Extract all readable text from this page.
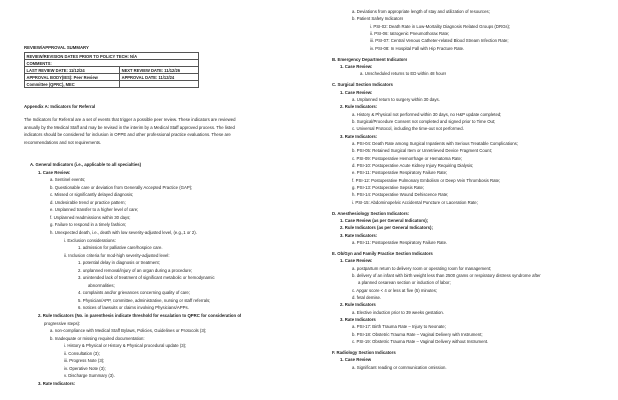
REVIEW/APPROVAL SUMMARY
REVIEW/REVISION DATES PRIOR TO POLICY TECH: N/A	
COMMENTS:	
LAST REVIEW DATE: 11/12/24	NEXT REVIEW DATE: 11/12/26
APPROVAL BODY(IES): Peer Review	APPROVAL DATE: 11/12/24
Committee (QPRC), MEC	
Appendix A: Indicators for Referral
The Indicators for Referral are a set of events that trigger a possible peer review. These indicators are reviewed
annually by the Medical Staff and may be revised in the interim by a Medical Staff approved process. The listed
indicators should be considered for inclusion in OPPE and other professional practice evaluations. These are
recommendations and not requirements.
A. General Indicators (i.e., applicable to all specialties)
1. Case Review:
a. Sentinel events;
b. Questionable care or deviation from Generally Accepted Practice (GAP);
c. Missed or significantly delayed diagnosis;
d. Undesirable trend or practice pattern;
e. Unplanned transfer to a higher level of care;
f. Unplanned readmissions within 30 days;
g. Failure to respond in a timely fashion;
h. Unexpected death, i.e., death with low severity-adjusted level, (e.g.,1 or 2).
i. Exclusion considerations:
1. admission for palliative care/hospice care.
ii. Inclusion criteria for mod-high severity-adjusted level:
1. potential delay in diagnosis or treatment;
2. unplanned removal/injury of an organ during a procedure;
3. unintended lack of treatment of significant metabolic or hemodynamic
abnormalities;
4. complaints and/or grievances concerning quality of care;
5. Physician/APP, committee, administrative, nursing or staff referrals;
6. notices of lawsuits or claims involving Physicians/APPs.
2. Rule Indicators (No. in parenthesis indicate threshold for escalation to QPRC for consideration of
progressive steps):
a. non-compliance with Medical Staff Bylaws, Policies, Guidelines or Protocols (3);
b. Inadequate or missing required documentation:
i. History & Physical or History & Physical procedural update (3);
ii. Consultation (3);
iii. Progress Note (3);
iv. Operative Note (3);
v. Discharge Summary (3).
3. Rate Indicators:
a. Deviations from appropriate length of stay and utilization of resources;
b. Patient Safety Indicators
i. PSI-02: Death Rate in Low-Mortality Diagnosis Related Groups (DRGs);
ii. PSI-06: Iatrogenic Pneumothorax Rate;
iii. PSI-07: Central Venous Catheter-related Blood Stream Infection Rate;
iv. PSI-08: In Hospital Fall with Hip Fracture Rate.
B. Emergency Department Indicators
1. Case Review:
a. Unscheduled returns to ED within 48 hours
C. Surgical Section Indicators
1. Case Review:
a. Unplanned return to surgery within 30 days.
2. Rule Indicators:
a. History & Physical not performed within 30 days, no H&P update completed;
b. Surgical/Procedure Consent not completed and signed prior to Time Out;
c. Universal Protocol, including the time-out not performed.
3. Rate Indicators:
a. PSI-04: Death Rate among Surgical Inpatients with Serious Treatable Complications;
b. PSI-05: Retained Surgical Item or Unretrieved Device Fragment Count;
c. PSI-09: Postoperative Hemorrhage or Hematoma Rate;
d. PSI-10: Postoperative Acute Kidney Injury Requiring Dialysis;
e. PSI-11: Postoperative Respiratory Failure Rate;
f. PSI-12: Postoperative Pulmonary Embolism or Deep Vein Thrombosis Rate;
g. PSI-13: Postoperative Sepsis Rate;
h. PSI-14: Postoperative Wound Dehiscence Rate;
i. PSI-15: Abdominopelvic Accidental Puncture or Laceration Rate;
D. Anesthesiology Section Indicators:
1. Case Review (as per General Indicators);
2. Rule Indicators (as per General Indicators);
3. Rate Indicators:
a. PSI-11: Postoperative Respiratory Failure Rate.
E. Ob/Gyn and Family Practice Section Indicators
1. Case Review:
a. postpartum return to delivery room or operating room for management;
b. delivery of an infant with birth weight less than 2500 grams or respiratory distress syndrome after
a planned cesarean section or induction of labor;
c. Apgar score < 4 or less at five (5) minutes;
d. fetal demise.
2. Rule Indicators
a. Elective induction prior to 39 weeks gestation.
3. Rate Indicators
a. PSI-17: Birth Trauma Rate – Injury to Neonate;
b. PSI-18: Obstetric Trauma Rate – Vaginal Delivery with Instrument;
c. PSI-19: Obstetric Trauma Rate – Vaginal Delivery without Instrument.
F. Radiology Section Indicators
1. Case Review
a. Significant reading or communication omission.
